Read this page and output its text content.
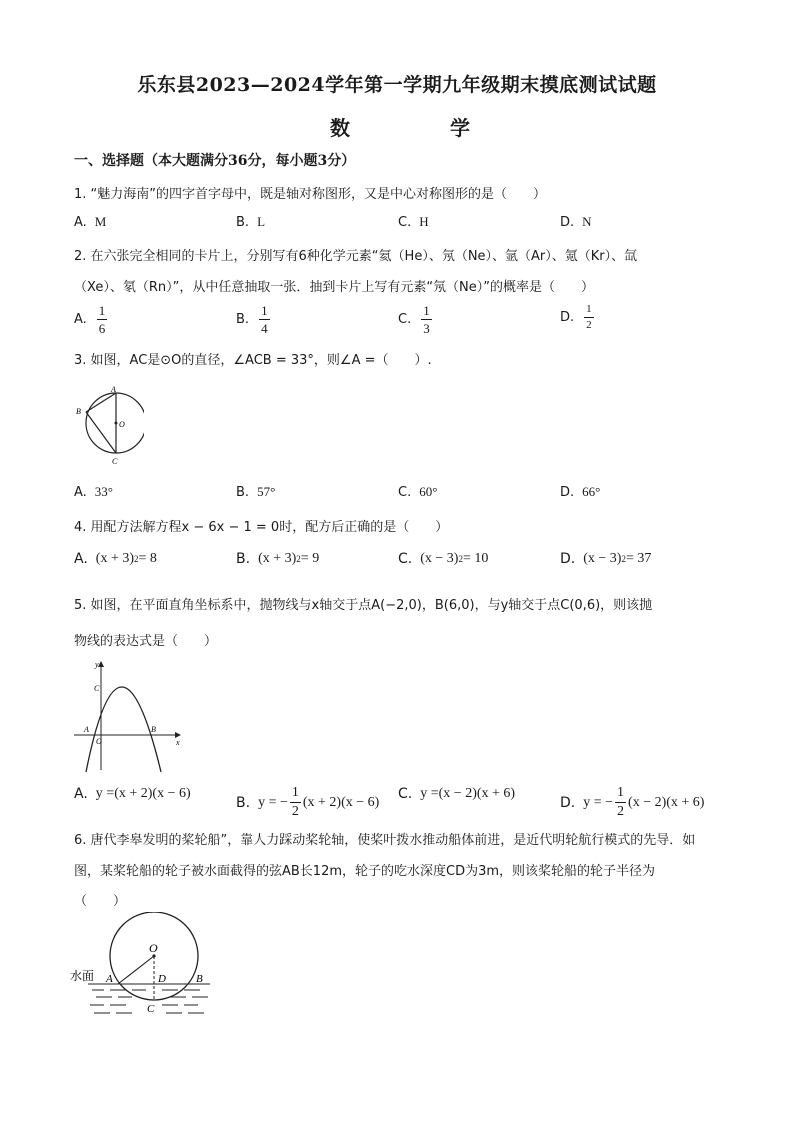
乐东县2023—2024学年第一学期九年级期末摸底测试试题
数	学
一、选择题（本大题满分36分，每小题3分）
1. “魅力海南”的四字首字母中，既是轴对称图形，又是中心对称图形的是（　　）
A. M	B. L	C. H	D. N
2. 在六张完全相同的卡片上，分别写有6种化学元素“氦（He）、氖（Ne）、氩（Ar）、氪（Kr）、氙
（Xe）、氡（Rn）”，从中任意抽取一张．抽到卡片上写有元素“氖（Ne）”的概率是（　　）
A. $\frac{1}{6}$	B. $\frac{1}{4}$	C. $\frac{1}{3}$	D. $\frac{1}{2}$
3. 如图，AC是⊙O的直径，∠ACB = 33°，则∠A =（　　）.
A
B
C
O
A. 33°	B. 57°	C. 60°	D. 66°
4. 用配方法解方程x − 6x − 1 = 0时，配方后正确的是（　　）
A. (x + 3) 2 = 8	B. (x + 3) 2 = 9	C. (x − 3) 2 = 10	D. (x − 3) 2 = 37
5. 如图，在平面直角坐标系中，抛物线与x轴交于点A(−2,0)，B(6,0)，与y轴交于点C(0,6)，则该抛
物线的表达式是（　　）
y
x
O
A	B
C
A. y = (x + 2)(x − 6)
B. y = − $\frac{1}{2} (x + 2)(x - 6)$ C. y = (x − 2)(x + 6)
D. y = − $\frac{1}{2} (x - 2)(x + 6)$
6. 唐代李皋发明的桨轮船”，靠人力踩动桨轮轴，使桨叶拨水推动船体前进，是近代明轮航行模式的先导．如
图，某桨轮船的轮子被水面截得的弦AB长12m，轮子的吃水深度CD为3m，则该桨轮船的轮子半径为
（　　）
水面
O
A	D	B
C
